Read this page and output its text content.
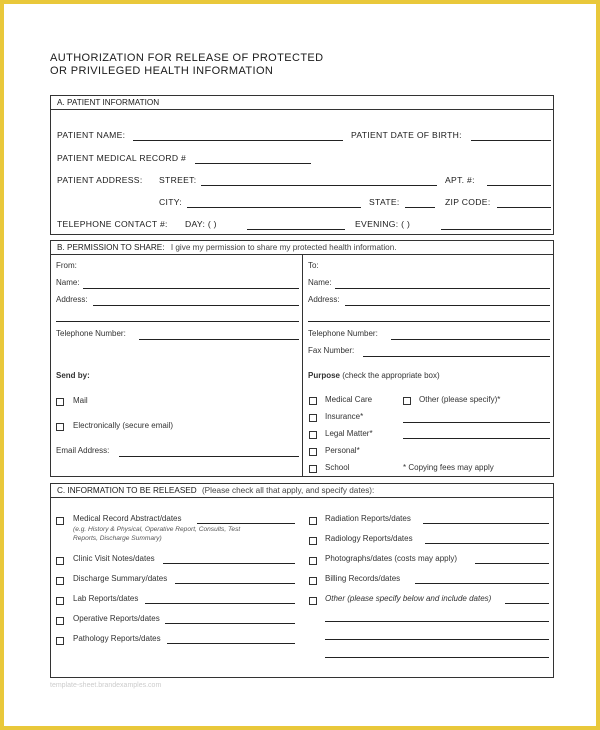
AUTHORIZATION FOR RELEASE OF PROTECTED
OR PRIVILEGED HEALTH INFORMATION
A. PATIENT INFORMATION
PATIENT NAME:	PATIENT DATE OF BIRTH:
PATIENT MEDICAL RECORD #
PATIENT ADDRESS: STREET:	APT. #:
CITY:	STATE:	ZIP CODE:
TELEPHONE CONTACT #: DAY: ( )	EVENING: ( )
B. PERMISSION TO SHARE: I give my permission to share my protected health information.
From:
Name:
Address:
Telephone Number:
Send by:
Mail
Electronically (secure email)
Email Address:
To:
Name:
Address:
Telephone Number:
Fax Number:
Purpose (check the appropriate box)
Medical Care	Other (please specify)*
Insurance*
Legal Matter*
Personal*
School	* Copying fees may apply
C. INFORMATION TO BE RELEASED (Please check all that apply, and specify dates):
Medical Record Abstract/dates
(e.g. History & Physical, Operative Report, Consults, Test
Reports, Discharge Summary)
Clinic Visit Notes/dates
Discharge Summary/dates
Lab Reports/dates
Operative Reports/dates
Pathology Reports/dates
Radiation Reports/dates
Radiology Reports/dates
Photographs/dates (costs may apply)
Billing Records/dates
Other (please specify below and include dates)
template-sheet.brandexamples.com
